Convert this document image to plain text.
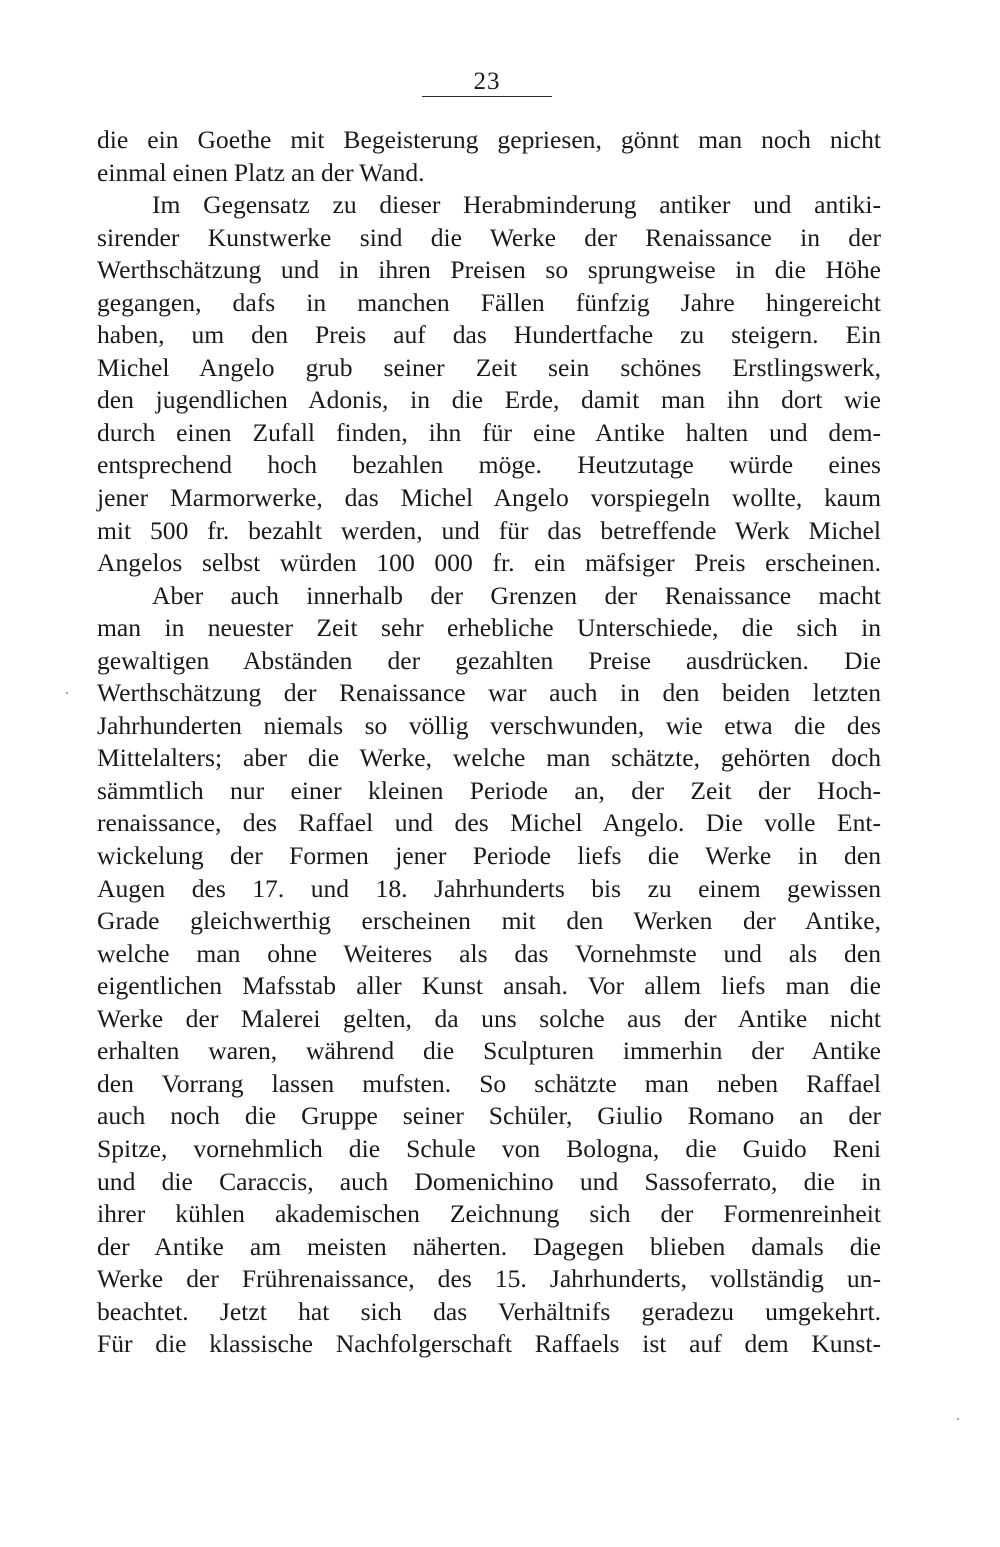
23
die ein Goethe mit Begeisterung gepriesen, gönnt man noch nicht
einmal einen Platz an der Wand.
Im Gegensatz zu dieser Herabminderung antiker und antiki-
sirender Kunstwerke sind die Werke der Renaissance in der
Werthschätzung und in ihren Preisen so sprungweise in die Höhe
gegangen, dafs in manchen Fällen fünfzig Jahre hingereicht
haben, um den Preis auf das Hundertfache zu steigern. Ein
Michel Angelo grub seiner Zeit sein schönes Erstlingswerk,
den jugendlichen Adonis, in die Erde, damit man ihn dort wie
durch einen Zufall finden, ihn für eine Antike halten und dem-
entsprechend hoch bezahlen möge. Heutzutage würde eines
jener Marmorwerke, das Michel Angelo vorspiegeln wollte, kaum
mit 500 fr. bezahlt werden, und für das betreffende Werk Michel
Angelos selbst würden 100 000 fr. ein mäfsiger Preis erscheinen.
Aber auch innerhalb der Grenzen der Renaissance macht
man in neuester Zeit sehr erhebliche Unterschiede, die sich in
gewaltigen Abständen der gezahlten Preise ausdrücken. Die
Werthschätzung der Renaissance war auch in den beiden letzten
Jahrhunderten niemals so völlig verschwunden, wie etwa die des
Mittelalters; aber die Werke, welche man schätzte, gehörten doch
sämmtlich nur einer kleinen Periode an, der Zeit der Hoch-
renaissance, des Raffael und des Michel Angelo. Die volle Ent-
wickelung der Formen jener Periode liefs die Werke in den
Augen des 17. und 18. Jahrhunderts bis zu einem gewissen
Grade gleichwerthig erscheinen mit den Werken der Antike,
welche man ohne Weiteres als das Vornehmste und als den
eigentlichen Mafsstab aller Kunst ansah. Vor allem liefs man die
Werke der Malerei gelten, da uns solche aus der Antike nicht
erhalten waren, während die Sculpturen immerhin der Antike
den Vorrang lassen mufsten. So schätzte man neben Raffael
auch noch die Gruppe seiner Schüler, Giulio Romano an der
Spitze, vornehmlich die Schule von Bologna, die Guido Reni
und die Caraccis, auch Domenichino und Sassoferrato, die in
ihrer kühlen akademischen Zeichnung sich der Formenreinheit
der Antike am meisten näherten. Dagegen blieben damals die
Werke der Frührenaissance, des 15. Jahrhunderts, vollständig un-
beachtet. Jetzt hat sich das Verhältnifs geradezu umgekehrt.
Für die klassische Nachfolgerschaft Raffaels ist auf dem Kunst-
